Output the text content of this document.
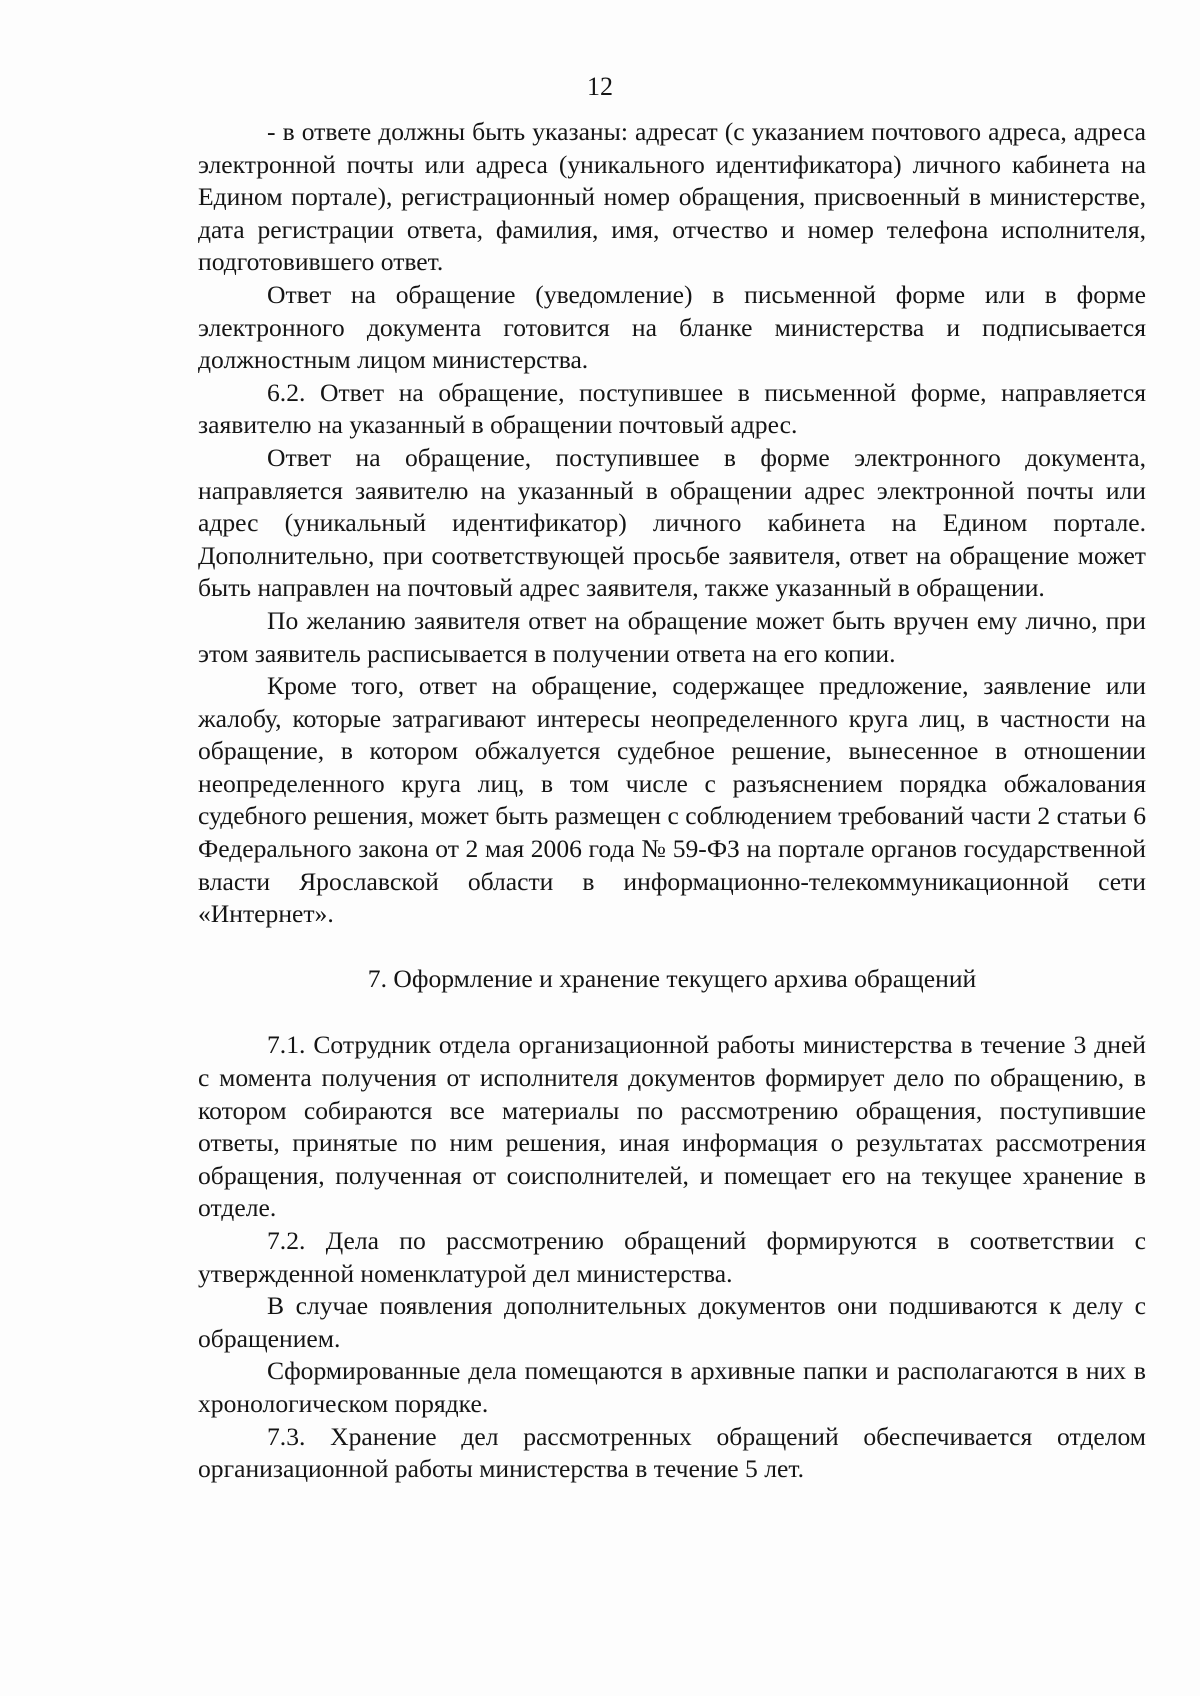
12

- в ответе должны быть указаны: адресат (с указанием почтового адреса, адреса электронной почты или адреса (уникального идентификатора) личного кабинета на Едином портале), регистрационный номер обращения, присвоенный в министерстве, дата регистрации ответа, фамилия, имя, отчество и номер телефона исполнителя, подготовившего ответ.

Ответ на обращение (уведомление) в письменной форме или в форме электронного документа готовится на бланке министерства и подписывается должностным лицом министерства.

6.2. Ответ на обращение, поступившее в письменной форме, направляется заявителю на указанный в обращении почтовый адрес.

Ответ на обращение, поступившее в форме электронного документа, направляется заявителю на указанный в обращении адрес электронной почты или адрес (уникальный идентификатор) личного кабинета на Едином портале. Дополнительно, при соответствующей просьбе заявителя, ответ на обращение может быть направлен на почтовый адрес заявителя, также указанный в обращении.

По желанию заявителя ответ на обращение может быть вручен ему лично, при этом заявитель расписывается в получении ответа на его копии.

Кроме того, ответ на обращение, содержащее предложение, заявление или жалобу, которые затрагивают интересы неопределенного круга лиц, в частности на обращение, в котором обжалуется судебное решение, вынесенное в отношении неопределенного круга лиц, в том числе с разъяснением порядка обжалования судебного решения, может быть размещен с соблюдением требований части 2 статьи 6 Федерального закона от 2 мая 2006 года № 59-ФЗ на портале органов государственной власти Ярославской области в информационно-телекоммуникационной сети «Интернет».

7. Оформление и хранение текущего архива обращений

7.1. Сотрудник отдела организационной работы министерства в течение 3 дней с момента получения от исполнителя документов формирует дело по обращению, в котором собираются все материалы по рассмотрению обращения, поступившие ответы, принятые по ним решения, иная информация о результатах рассмотрения обращения, полученная от соисполнителей, и помещает его на текущее хранение в отделе.

7.2. Дела по рассмотрению обращений формируются в соответствии с утвержденной номенклатурой дел министерства.

В случае появления дополнительных документов они подшиваются к делу с обращением.

Сформированные дела помещаются в архивные папки и располагаются в них в хронологическом порядке.

7.3. Хранение дел рассмотренных обращений обеспечивается отделом организационной работы министерства в течение 5 лет.
